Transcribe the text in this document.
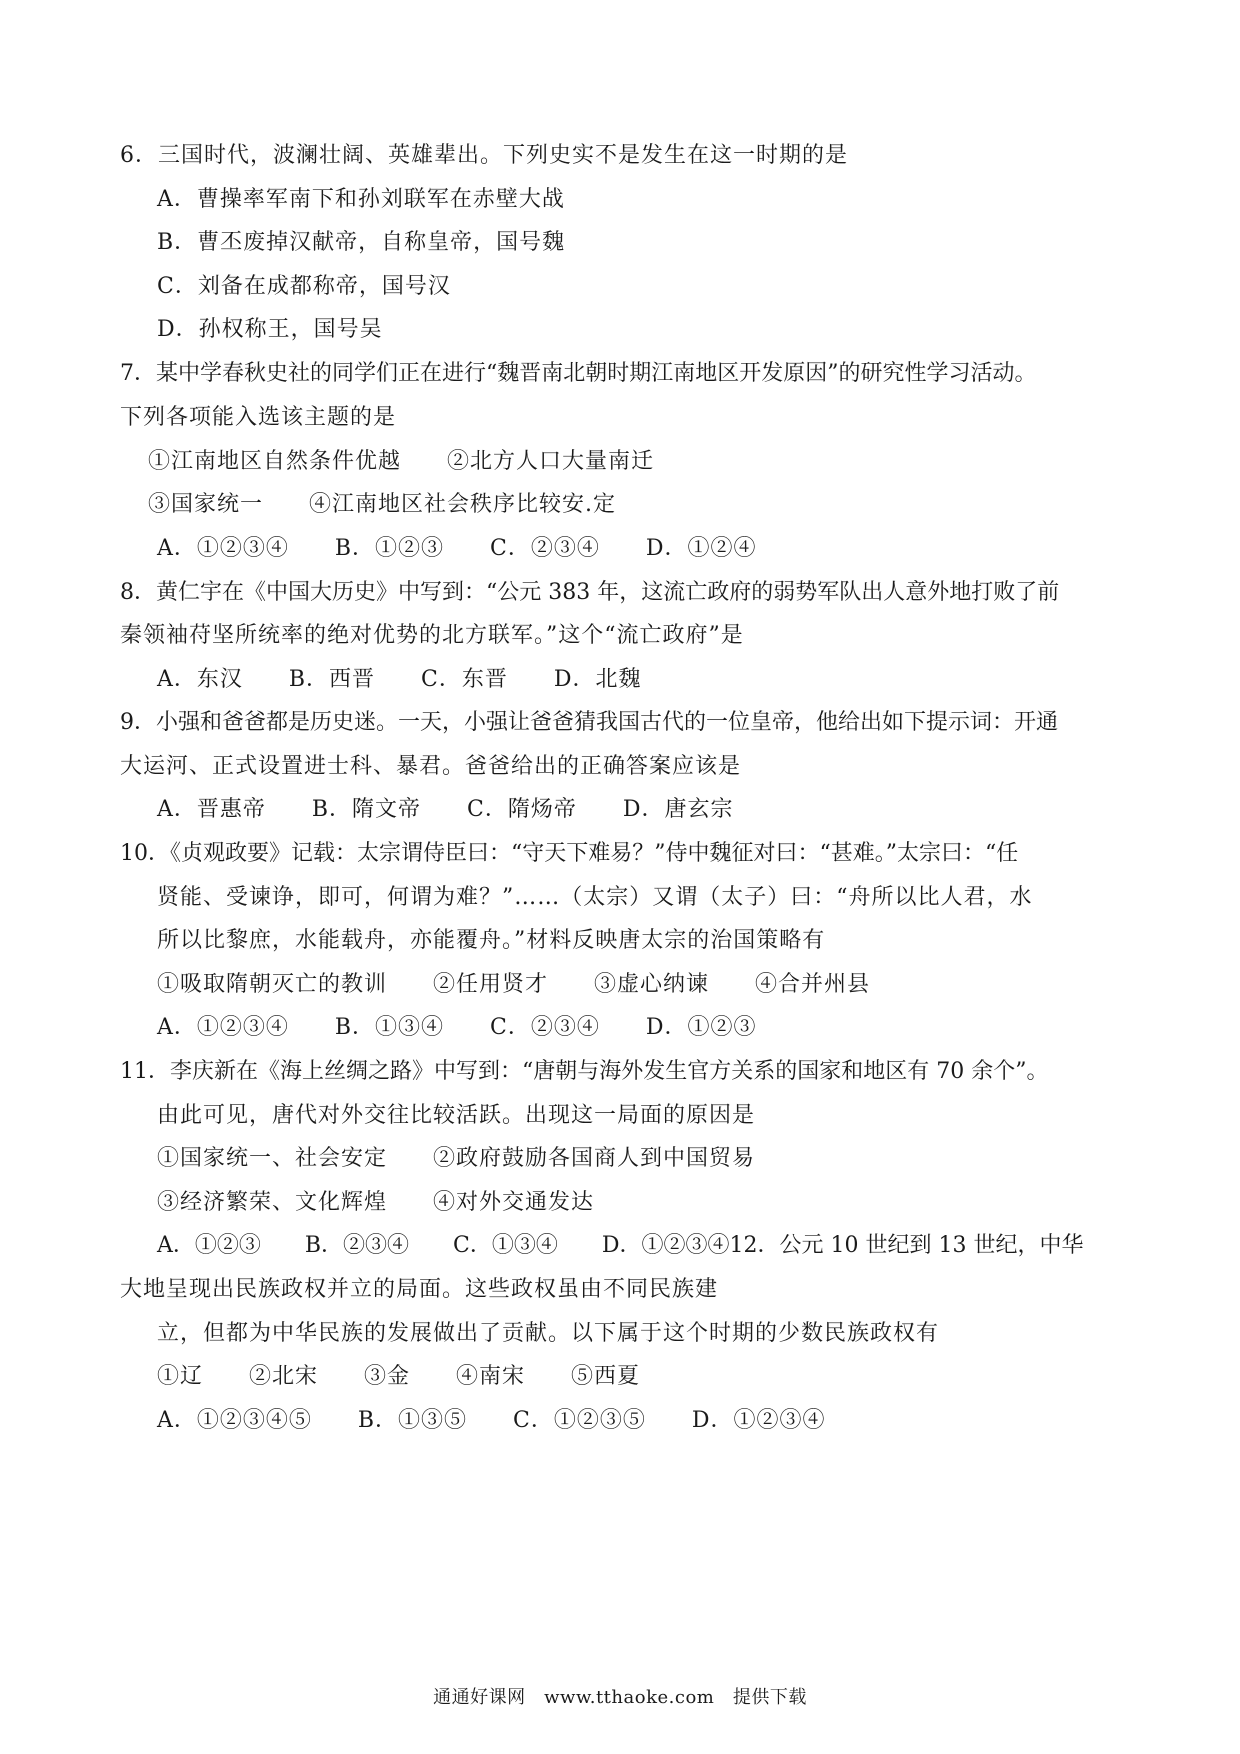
6．三国时代，波澜壮阔、英雄辈出。下列史实不是发生在这一时期的是
A．曹操率军南下和孙刘联军在赤壁大战
B．曹丕废掉汉献帝，自称皇帝，国号魏
C．刘备在成都称帝，国号汉
D．孙权称王，国号吴
7．某中学春秋史社的同学们正在进行“魏晋南北朝时期江南地区开发原因”的研究性学习活动。
下列各项能入选该主题的是
①江南地区自然条件优越　　②北方人口大量南迁
③国家统一　　④江南地区社会秩序比较安.定
A．①②③④　　B．①②③　　C．②③④　　D．①②④
8．黄仁宇在《中国大历史》中写到：“公元 383 年，这流亡政府的弱势军队出人意外地打败了前
秦领袖苻坚所统率的绝对优势的北方联军。”这个“流亡政府”是
A．东汉　　B．西晋　　C．东晋　　D．北魏
9．小强和爸爸都是历史迷。一天，小强让爸爸猜我国古代的一位皇帝，他给出如下提示词：开通
大运河、正式设置进士科、暴君。爸爸给出的正确答案应该是
A．晋惠帝　　B．隋文帝　　C．隋炀帝　　D．唐玄宗
10．《贞观政要》记载：太宗谓侍臣曰：“守天下难易？”侍中魏征对曰：“甚难。”太宗曰：“任
贤能、受谏诤，即可，何谓为难？”……（太宗）又谓（太子）曰：“舟所以比人君，水
所以比黎庶，水能载舟，亦能覆舟。”材料反映唐太宗的治国策略有
①吸取隋朝灭亡的教训　　②任用贤才　　③虚心纳谏　　④合并州县
A．①②③④　　B．①③④　　C．②③④　　D．①②③
11．李庆新在《海上丝绸之路》中写到：“唐朝与海外发生官方关系的国家和地区有 70 余个”。
由此可见，唐代对外交往比较活跃。出现这一局面的原因是
①国家统一、社会安定　　②政府鼓励各国商人到中国贸易
③经济繁荣、文化辉煌　　④对外交通发达
A．①②③　　B．②③④　　C．①③④　　D．①②③④12．公元 10 世纪到 13 世纪，中华
大地呈现出民族政权并立的局面。这些政权虽由不同民族建
立，但都为中华民族的发展做出了贡献。以下属于这个时期的少数民族政权有
①辽　　②北宋　　③金　　④南宋　　⑤西夏
A．①②③④⑤　　B．①③⑤　　C．①②③⑤　　D．①②③④
通通好课网　www.tthaoke.com　提供下载
